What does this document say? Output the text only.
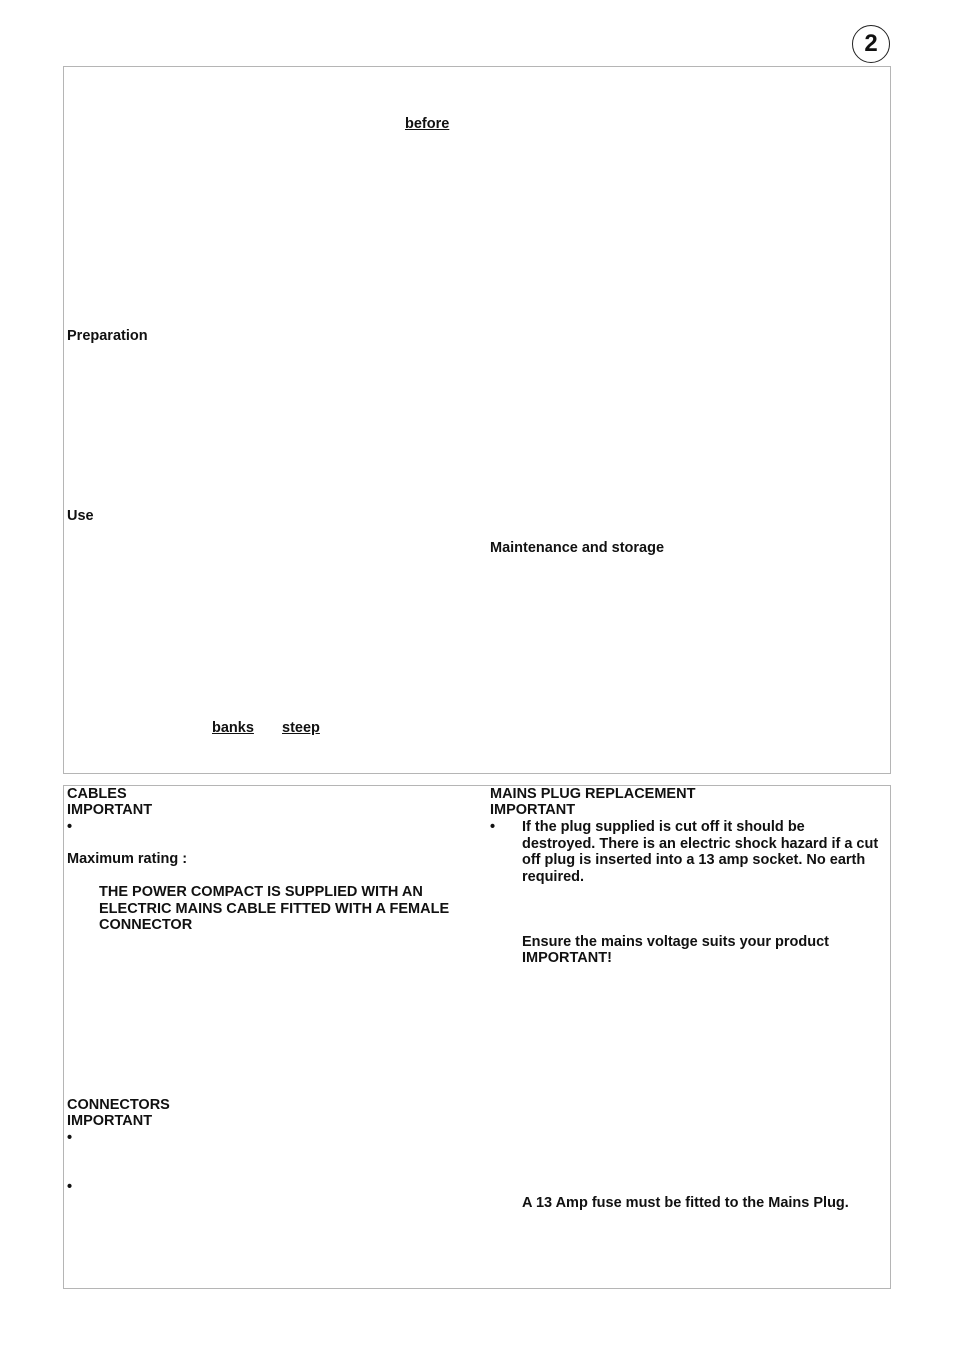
2
before
Preparation
Use
Maintenance and storage
banks steep
CABLES
IMPORTANT
•
Maximum rating :
THE POWER COMPACT IS SUPPLIED WITH AN ELECTRIC MAINS CABLE FITTED WITH A FEMALE CONNECTOR
CONNECTORS
IMPORTANT
•
•
MAINS PLUG REPLACEMENT
IMPORTANT
• If the plug supplied is cut off it should be destroyed. There is an electric shock hazard if a cut off plug is inserted into a 13 amp socket. No earth required.
Ensure the mains voltage suits your product
IMPORTANT!
A 13 Amp fuse must be fitted to the Mains Plug.
